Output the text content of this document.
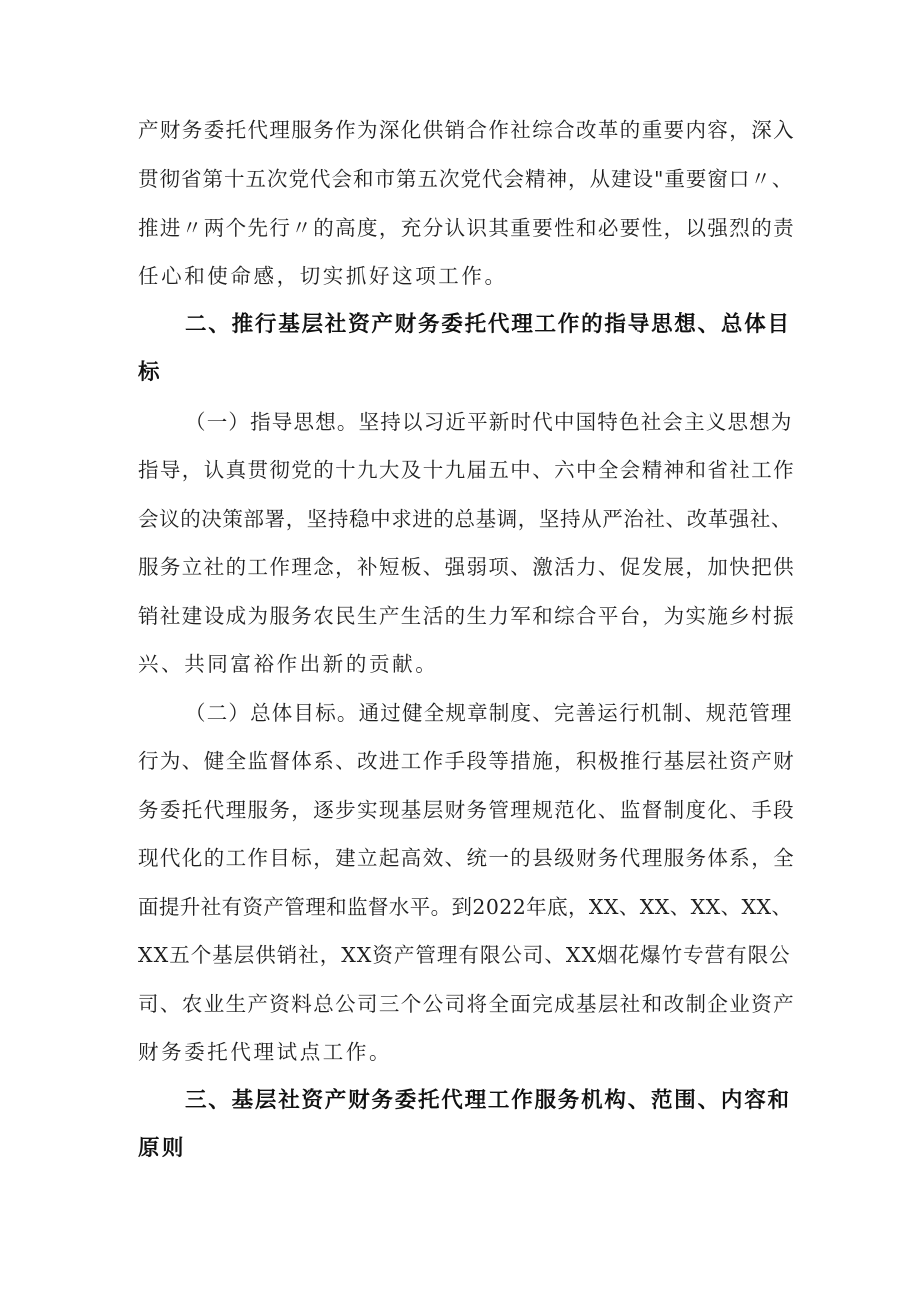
产财务委托代理服务作为深化供销合作社综合改革的重要内容，深入

贯彻省第十五次党代会和市第五次党代会精神，从建设"重要窗口〃、

推进〃两个先行〃的高度，充分认识其重要性和必要性，以强烈的责

任心和使命感，切实抓好这项工作。

二、推行基层社资产财务委托代理工作的指导思想、总体目

标

（一）指导思想。坚持以习近平新时代中国特色社会主义思想为

指导，认真贯彻党的十九大及十九届五中、六中全会精神和省社工作

会议的决策部署，坚持稳中求进的总基调，坚持从严治社、改革强社、

服务立社的工作理念，补短板、强弱项、激活力、促发展，加快把供

销社建设成为服务农民生产生活的生力军和综合平台，为实施乡村振

兴、共同富裕作出新的贡献。

（二）总体目标。通过健全规章制度、完善运行机制、规范管理

行为、健全监督体系、改进工作手段等措施，积极推行基层社资产财

务委托代理服务，逐步实现基层财务管理规范化、监督制度化、手段

现代化的工作目标，建立起高效、统一的县级财务代理服务体系，全

面提升社有资产管理和监督水平。到2022年底，XX、XX、XX、XX、

XX五个基层供销社，XX资产管理有限公司、XX烟花爆竹专营有限公

司、农业生产资料总公司三个公司将全面完成基层社和改制企业资产

财务委托代理试点工作。

三、基层社资产财务委托代理工作服务机构、范围、内容和

原则
